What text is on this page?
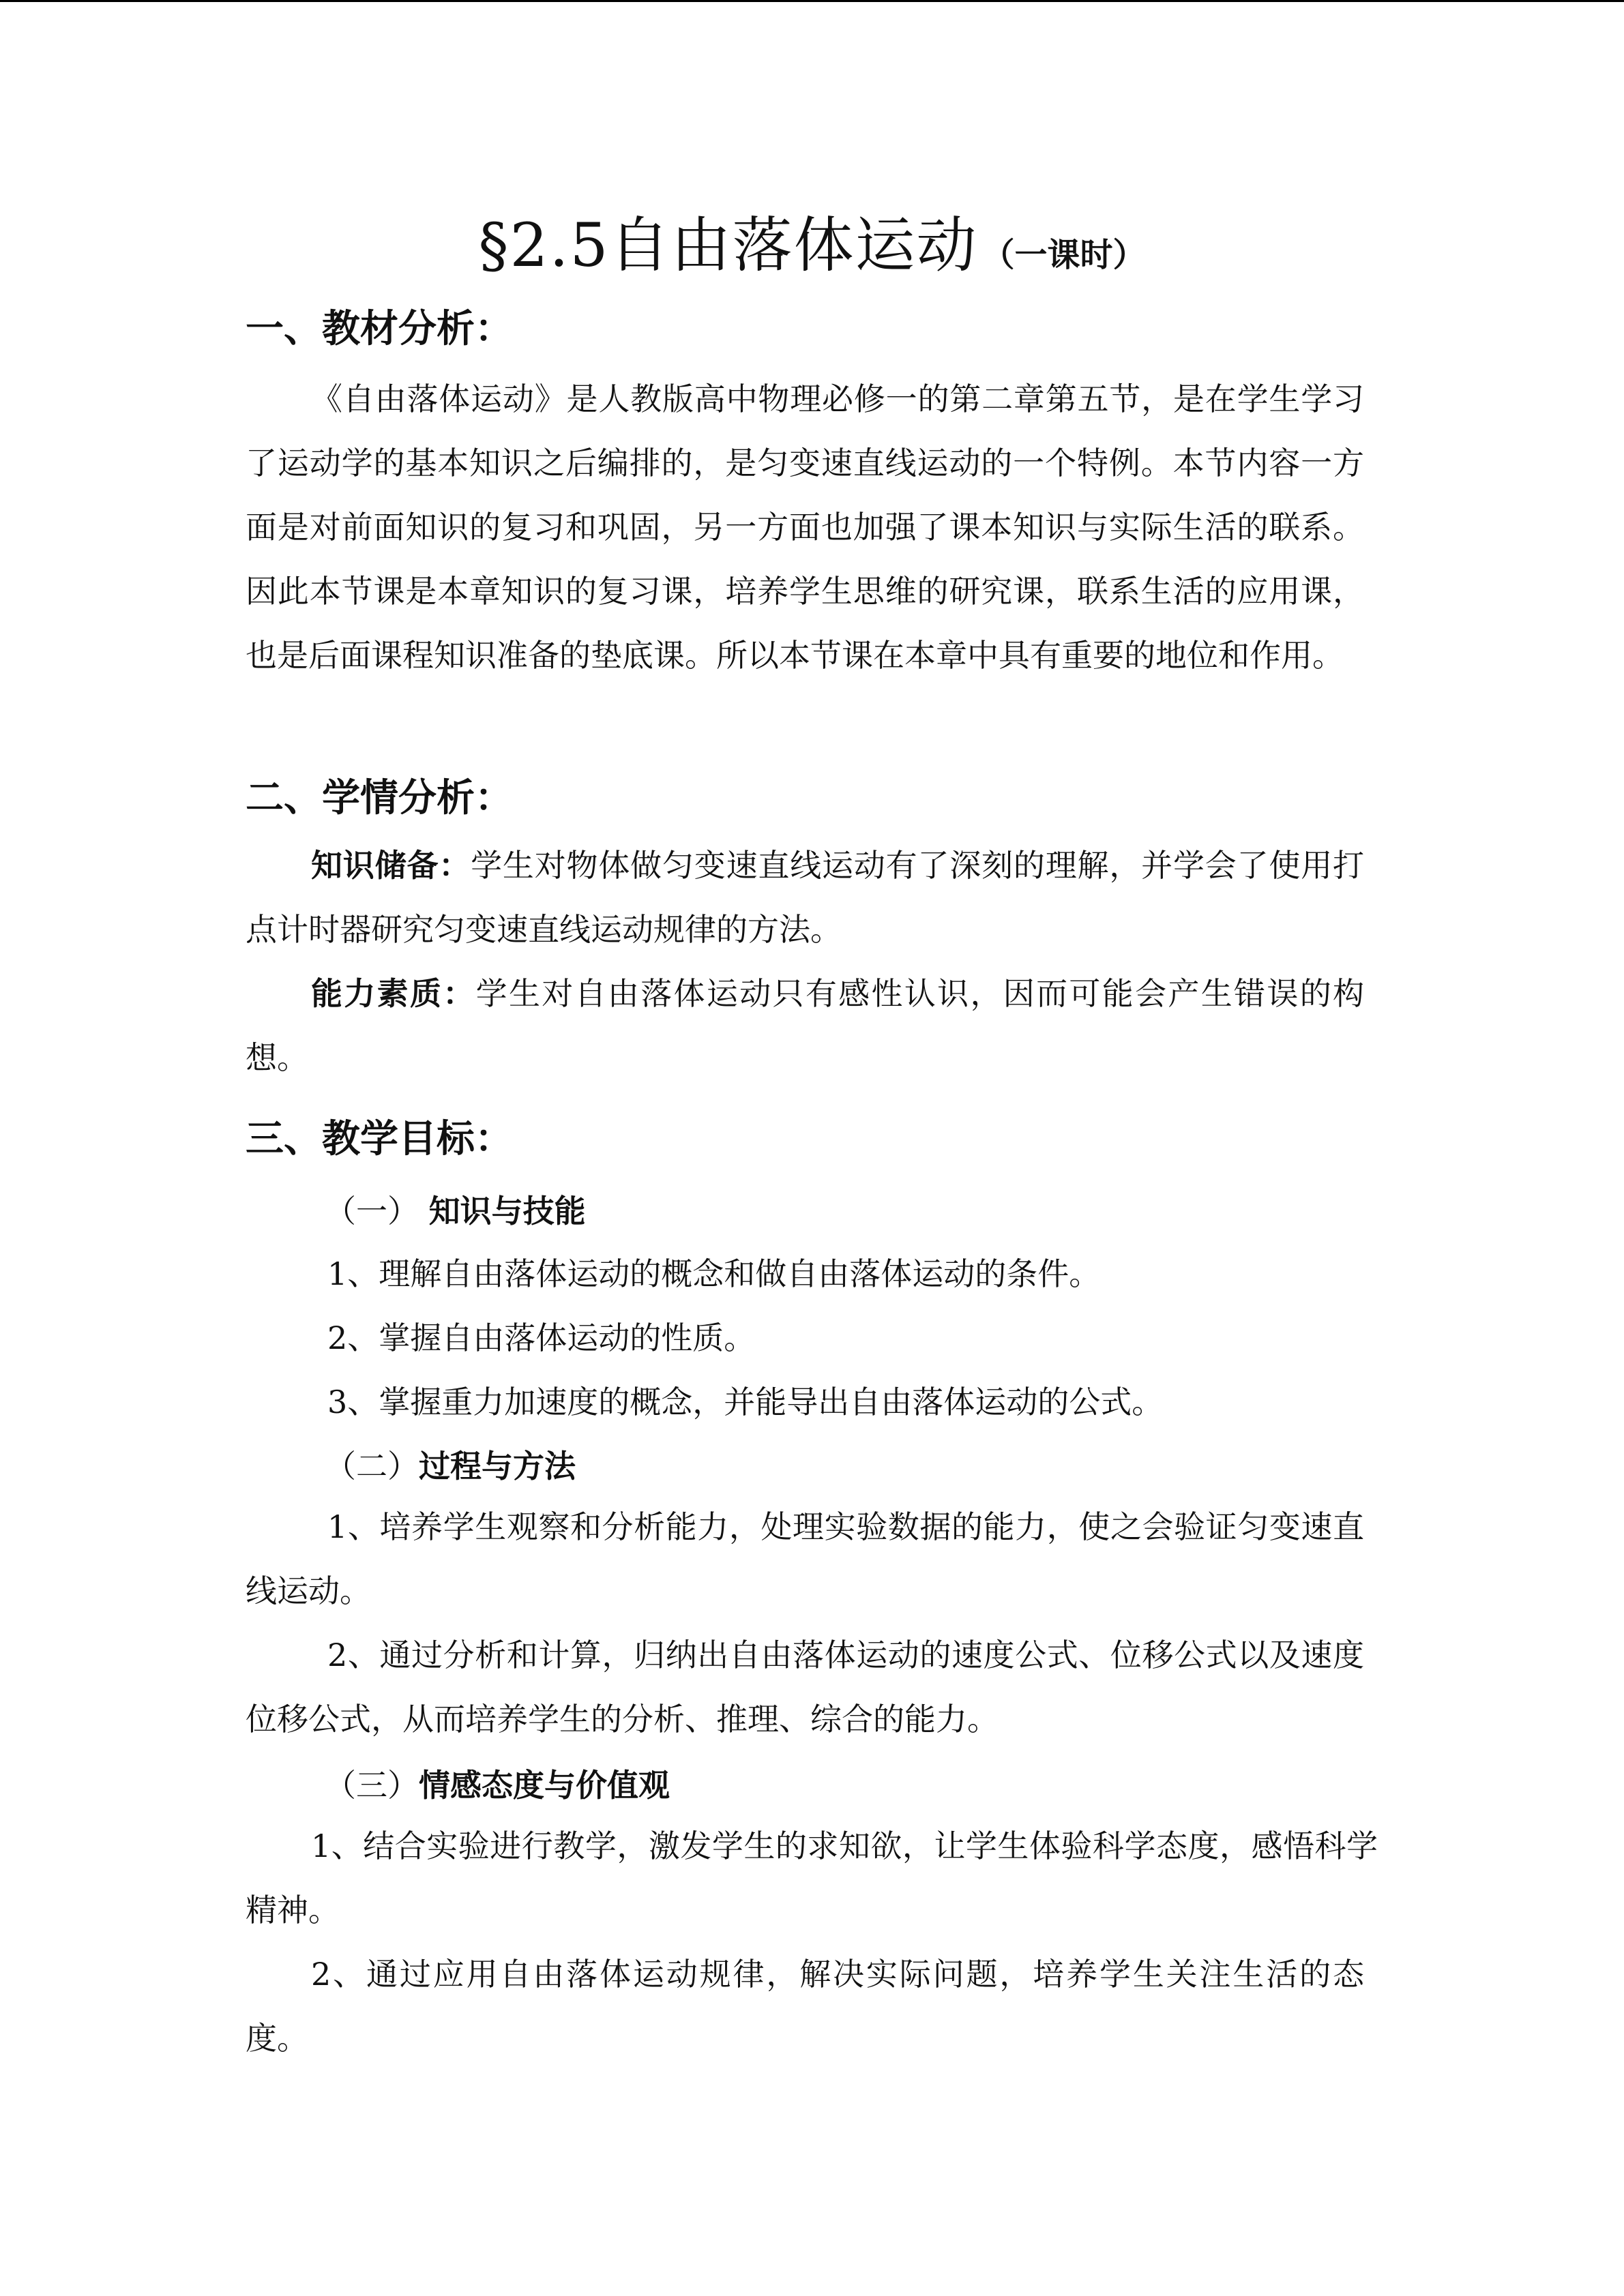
§2.5自由落体运动 （一课时）
一、教材分析：
《自由落体运动》是人教版高中物理必修一的第二章第五节，是在学生学习了运动学的基本知识之后编排的，是匀变速直线运动的一个特例。本节内容一方面是对前面知识的复习和巩固，另一方面也加强了课本知识与实际生活的联系。因此本节课是本章知识的复习课，培养学生思维的研究课，联系生活的应用课，也是后面课程知识准备的垫底课。所以本节课在本章中具有重要的地位和作用。
二、学情分析：
知识储备：学生对物体做匀变速直线运动有了深刻的理解，并学会了使用打点计时器研究匀变速直线运动规律的方法。
能力素质：学生对自由落体运动只有感性认识，因而可能会产生错误的构想。
三、教学目标：
（一） 知识与技能
1、理解自由落体运动的概念和做自由落体运动的条件。
2、掌握自由落体运动的性质。
3、掌握重力加速度的概念，并能导出自由落体运动的公式。
（二）过程与方法
1、培养学生观察和分析能力，处理实验数据的能力，使之会验证匀变速直线运动。
2、通过分析和计算，归纳出自由落体运动的速度公式、位移公式以及速度位移公式，从而培养学生的分析、推理、综合的能力。
（三）情感态度与价值观
1、结合实验进行教学，激发学生的求知欲，让学生体验科学态度，感悟科学精神。
2、通过应用自由落体运动规律，解决实际问题，培养学生关注生活的态度。
